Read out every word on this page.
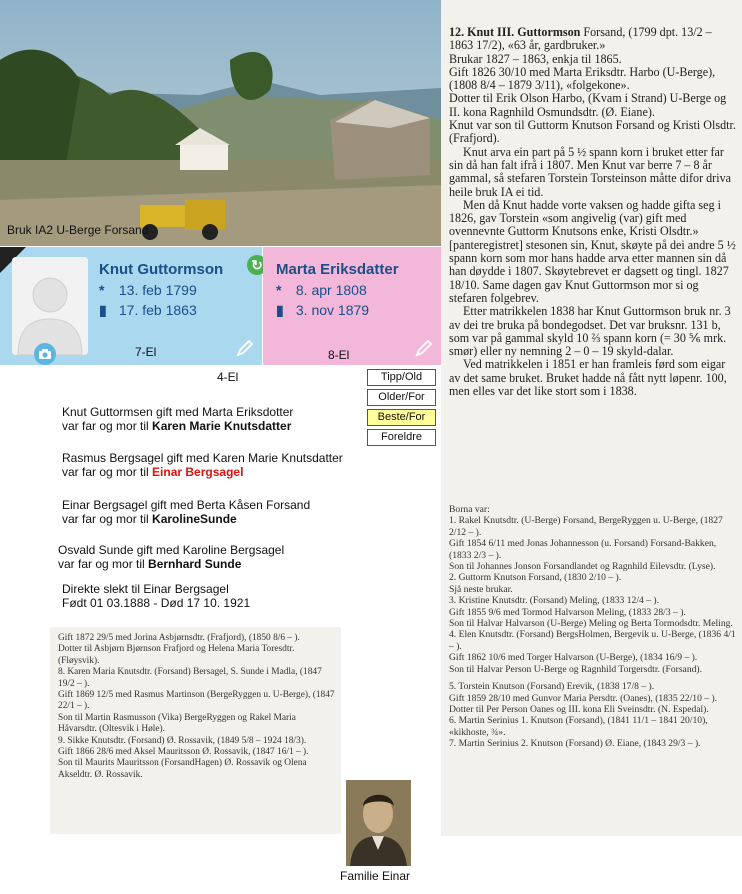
Bruk IA2 U-Berge Forsand
Knut Guttormson ↻
* 13. feb 1799
▮ 17. feb 1863
7-El
Marta Eriksdatter
* 8. apr 1808
▮ 3. nov 1879
8-El
4-El	Tipp/Old
Older/For
Beste/For
Foreldre
Knut Guttormsen gift med Marta Eriksdotter
var far og mor til Karen Marie Knutsdatter
Rasmus Bergsagel gift med Karen Marie Knutsdatter
var far og mor til Einar Bergsagel
Einar Bergsagel gift med Berta Kåsen Forsand
var far og mor til KarolineSunde
Osvald Sunde gift med Karoline Bergsagel
var far og mor til Bernhard Sunde
Direkte slekt til Einar Bergsagel
Født 01 03.1888 - Død 17 10. 1921
12. Knut III. Guttormson Forsand, (1799 dpt. 13/2 – 1863 17/2), «63 år, gardbruker.»
Brukar 1827 – 1863, enkja til 1865.
Gift 1826 30/10 med Marta Eriksdtr. Harbo (U-Berge), (1808 8/4 – 1879 3/11), «folgekone».
Dotter til Erik Olson Harbo, (Kvam i Strand) U-Berge og II. kona Ragnhild Osmundsdtr. (Ø. Eiane).
Knut var son til Guttorm Knutson Forsand og Kristi Olsdtr. (Frafjord).
Knut arva ein part på 5 ½ spann korn i bruket etter far sin då han falt ifrå i 1807. Men Knut var berre 7 – 8 år gammal, så stefaren Torstein Torsteinson måtte difor driva heile bruk IA ei tid.
Men då Knut hadde vorte vaksen og hadde gifta seg i 1826, gav Torstein «som angivelig (var) gift med ovennevnte Guttorm Knutsons enke, Kristi Olsdtr.» [panteregistret] stesonen sin, Knut, skøyte på dei andre 5 ½ spann korn som mor hans hadde arva etter mannen sin då han døydde i 1807. Skøytebrevet er dagsett og tingl. 1827 18/10. Same dagen gav Knut Guttormson mor si og stefaren folgebrev.
Etter matrikkelen 1838 har Knut Guttormson bruk nr. 3 av dei tre bruka på bondegodset. Det var bruksnr. 131 b, som var på gammal skyld 10 ⅔ spann korn (= 30 ⅚ mrk. smør) eller ny nemning 2 – 0 – 19 skyld-dalar.
Ved matrikkelen i 1851 er han framleis førd som eigar av det same bruket. Bruket hadde nå fått nytt løpenr. 100, men elles var det like stort som i 1838.
Borna var:
1. Rakel Knutsdtr. (U-Berge) Forsand, BergeRyggen u. U-Berge, (1827 2/12 – ).
Gift 1854 6/11 med Jonas Johannesson (u. Forsand) Forsand-Bakken, (1833 2/3 – ).
Son til Johannes Jonson Forsandlandet og Ragnhild Eilevsdtr. (Lyse).
2. Guttorm Knutson Forsand, (1830 2/10 – ).
Sjå neste brukar.
3. Kristine Knutsdtr. (Forsand) Meling, (1833 12/4 – ).
Gift 1855 9/6 med Tormod Halvarson Meling, (1833 28/3 – ).
Son til Halvar Halvarson (U-Berge) Meling og Berta Tormodsdtr. Meling.
4. Elen Knutsdtr. (Forsand) BergsHolmen, Bergevik u. U-Berge, (1836 4/1 – ).
Gift 1862 10/6 med Torger Halvarson (U-Berge), (1834 16/9 – ).
Son til Halvar Person U-Berge og Ragnhild Torgersdtr. (Forsand).
5. Torstein Knutson (Forsand) Erevik, (1838 17/8 – ).
Gift 1859 28/10 med Gunvor Maria Persdtr. (Oanes), (1835 22/10 – ).
Dotter til Per Person Oanes og III. kona Eli Sveinsdtr. (N. Espedal).
6. Martin Serinius 1. Knutson (Forsand), (1841 11/1 – 1841 20/10), «kikhoste, ¾».
7. Martin Serinius 2. Knutson (Forsand) Ø. Eiane, (1843 29/3 – ).
Gift 1872 29/5 med Jorina Asbjørnsdtr. (Frafjord), (1850 8/6 – ).
Dotter til Asbjørn Bjørnson Frafjord og Helena Maria Toresdtr. (Fløysvik).
8. Karen Maria Knutsdtr. (Forsand) Bersagel, S. Sunde i Madla, (1847 19/2 – ).
Gift 1869 12/5 med Rasmus Martinson (BergeRyggen u. U-Berge), (1847 22/1 – ).
Son til Martin Rasmusson (Vika) BergeRyggen og Rakel Maria Håvarsdtr. (Oltesvik i Høle).
9. Sikke Knutsdtr. (Forsand) Ø. Rossavik, (1849 5/8 – 1924 18/3).
Gift 1866 28/6 med Aksel Mauritsson Ø. Rossavik, (1847 16/1 – ).
Son til Maurits Mauritsson (ForsandHagen) Ø. Rossavik og Olena Akseldtr. Ø. Rossavik.
Familie Einar
